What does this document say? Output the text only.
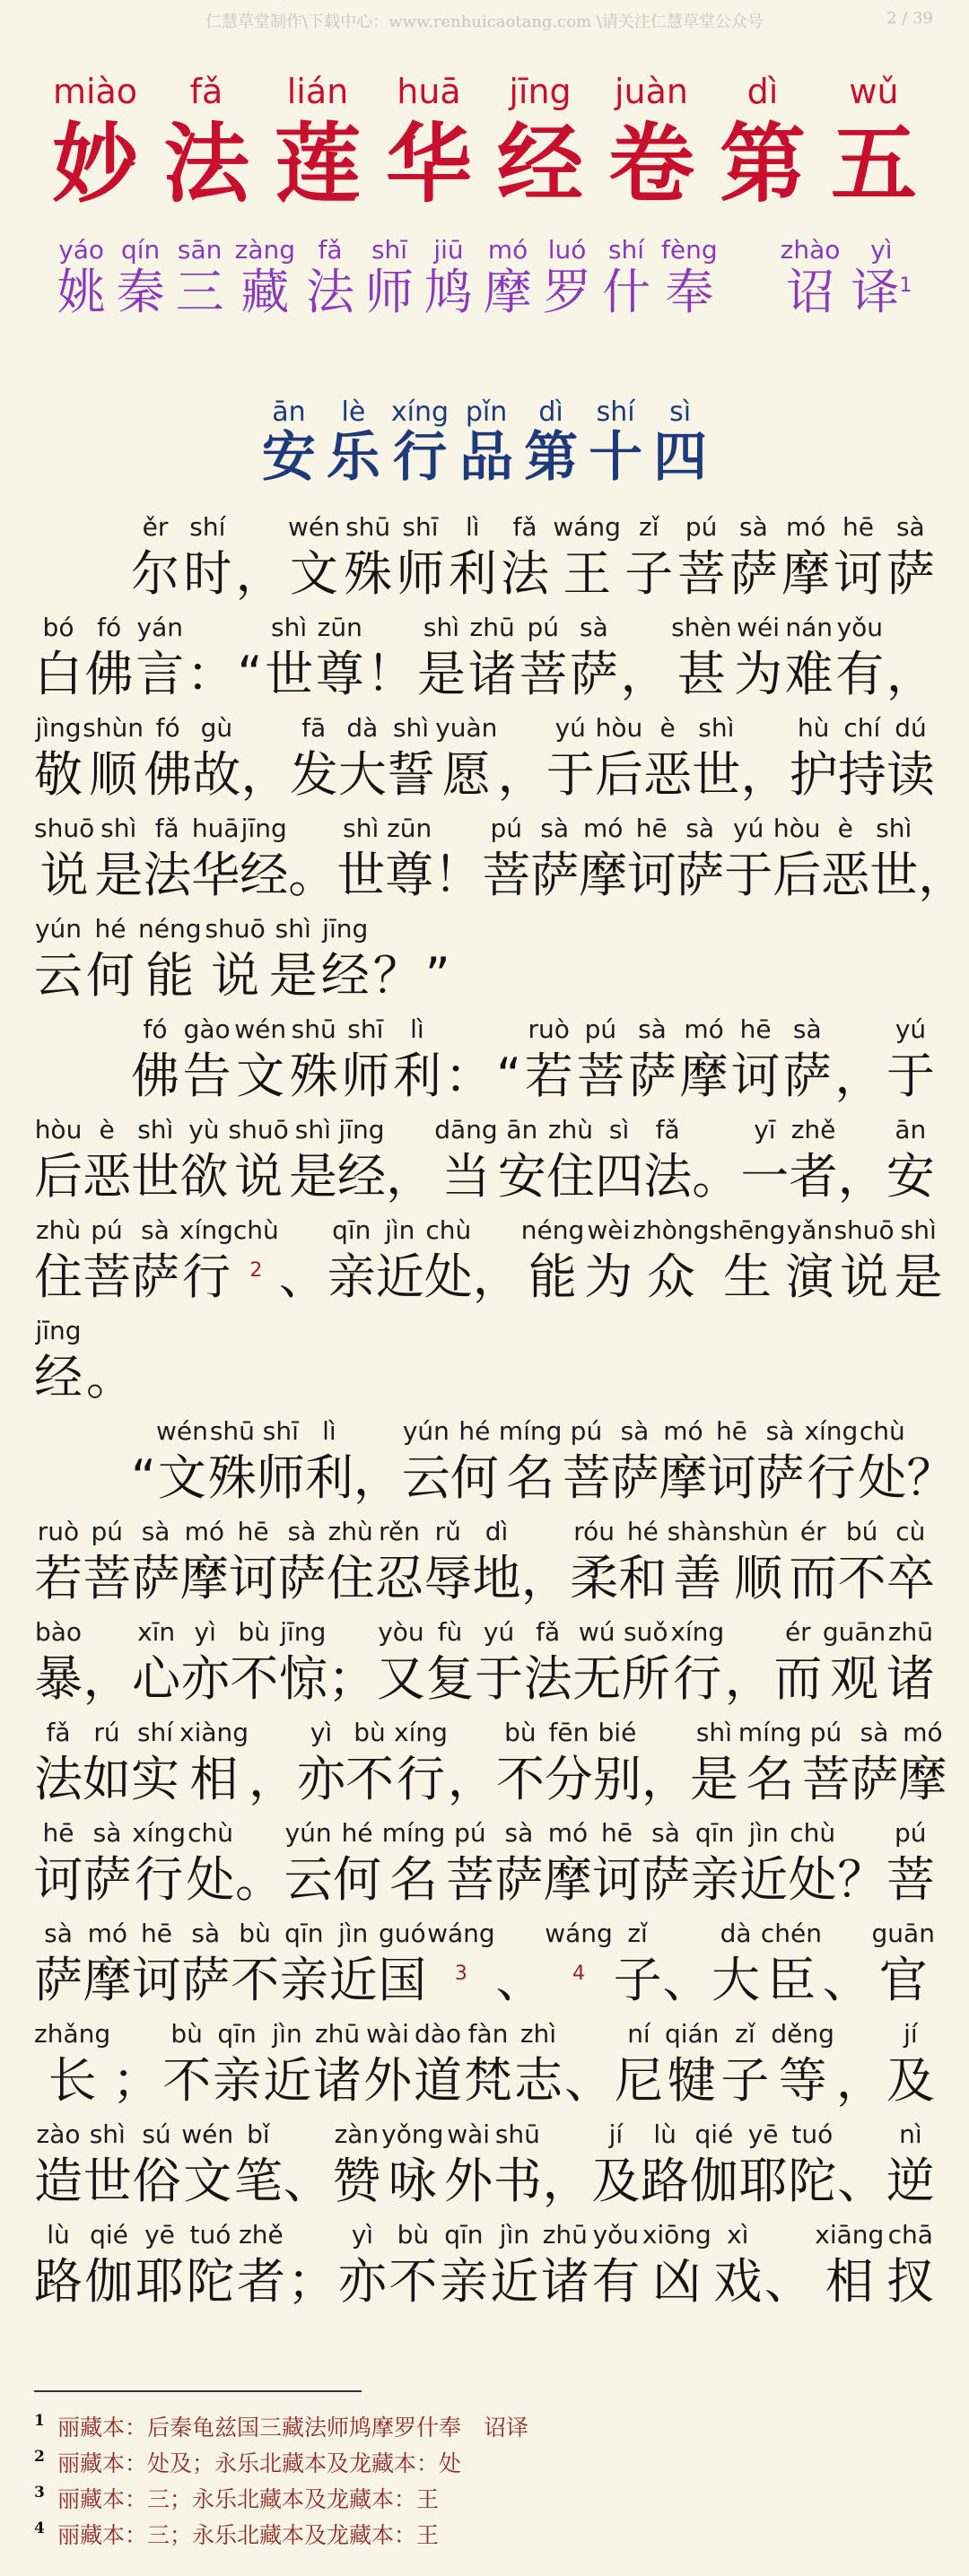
仁慧草堂制作\下载中心：www.renhuicaotang.com \请关注仁慧草堂公众号	2 / 39
miào
妙
fǎ
法
lián
莲
huā
华
jīng
经
juàn
卷
dì
第
wǔ
五
yáo
姚
qín
秦
sān
三
zàng
藏
fǎ
法
shī
师
jiū
鸠
mó
摩
luó
罗
shí
什
fèng
奉
zhào
诏
yì
译$^1$
ān
安
lè
乐
xíng
行
pǐn
品
dì
第
shí
十
sì
四
ěr
尔
shí
时 ，
wén
文
shū
殊
shī
师
lì
利
fǎ
法
wáng
王
zǐ
子
pú
菩
sà
萨
mó
摩
hē
诃
sà
萨
bó
白
fó
佛
yán
言 ： “
shì
世
zūn
尊 ！
shì
是
zhū
诸
pú
菩
sà
萨 ，
shèn
甚
wéi
为
nán
难
yǒu
有 ，
jìng
敬
shùn
顺
fó
佛
gù
故 ，
fā
发
dà
大
shì
誓
yuàn
愿 ，
yú
于
hòu
后
è
恶
shì
世 ，
hù
护
chí
持
dú
读
shuō
说
shì
是
fǎ
法
huā
华
jīng
经 。
shì
世
zūn
尊 ！
pú
菩
sà
萨
mó
摩
hē
诃
sà
萨
yú
于
hòu
后
è
恶
shì
世 ，
yún
云
hé
何
néng
能
shuō
说
shì
是
jīng
经 ？ ”
fó
佛
gào
告
wén
文
shū
殊
shī
师
lì
利 ： “
ruò
若
pú
菩
sà
萨
mó
摩
hē
诃
sà
萨 ，
yú
于
hòu
后
è
恶
shì
世
yù
欲
shuō
说
shì
是
jīng
经 ，
dāng
当
ān
安
zhù
住
sì
四
fǎ
法 。
yī
一
zhě
者 ，
ān
安
zhù
住
pú
菩
sà
萨
xíng
行
chù
$^2$ 、
qīn
亲
jìn
近
chù
处 ，
néng
能
wèi
为
zhòng
众
shēng
生
yǎn
演
shuō
说
shì
是
jīng
经 。
“
wén
文
shū
殊
shī
师
lì
利 ，
yún
云
hé
何
míng
名
pú
菩
sà
萨
mó
摩
hē
诃
sà
萨
xíng
行
chù
处 ？
ruò
若
pú
菩
sà
萨
mó
摩
hē
诃
sà
萨
zhù
住
rěn
忍
rǔ
辱
dì
地 ，
róu
柔
hé
和
shàn
善
shùn
顺
ér
而
bú
不
cù
卒
bào
暴 ，
xīn
心
yì
亦
bù
不
jīng
惊 ；
yòu
又
fù
复
yú
于
fǎ
法
wú
无
suǒ
所
xíng
行 ，
ér
而
guān
观
zhū
诸
fǎ
法
rú
如
shí
实
xiàng
相 ，
yì
亦
bù
不
xíng
行 ，
bù
不
fēn
分
bié
别 ，
shì
是
míng
名
pú
菩
sà
萨
mó
摩
hē
诃
sà
萨
xíng
行
chù
处 。
yún
云
hé
何
míng
名
pú
菩
sà
萨
mó
摩
hē
诃
sà
萨
qīn
亲
jìn
近
chù
处 ？
pú
菩
sà
萨
mó
摩
hē
诃
sà
萨
bù
不
qīn
亲
jìn
近
guó
国
wáng
$^3$ 、
wáng
$^4$
zǐ
子 、
dà
大
chén
臣 、
guān
官
zhǎng
长 ；
bù
不
qīn
亲
jìn
近
zhū
诸
wài
外
dào
道
fàn
梵
zhì
志 、
ní
尼
qián
犍
zǐ
子
děng
等 ，
jí
及
zào
造
shì
世
sú
俗
wén
文
bǐ
笔 、
zàn
赞
yǒng
咏
wài
外
shū
书 ，
jí
及
lù
路
qié
伽
yē
耶
tuó
陀 、
nì
逆
lù
路
qié
伽
yē
耶
tuó
陀
zhě
者 ；
yì
亦
bù
不
qīn
亲
jìn
近
zhū
诸
yǒu
有
xiōng
凶
xì
戏 、
xiāng
相
chā
扠
1 丽藏本：后秦龟兹国三藏法师鸠摩罗什奉　诏译
2 丽藏本：处及；永乐北藏本及龙藏本：处
3 丽藏本：三；永乐北藏本及龙藏本：王
4 丽藏本：三；永乐北藏本及龙藏本：王
